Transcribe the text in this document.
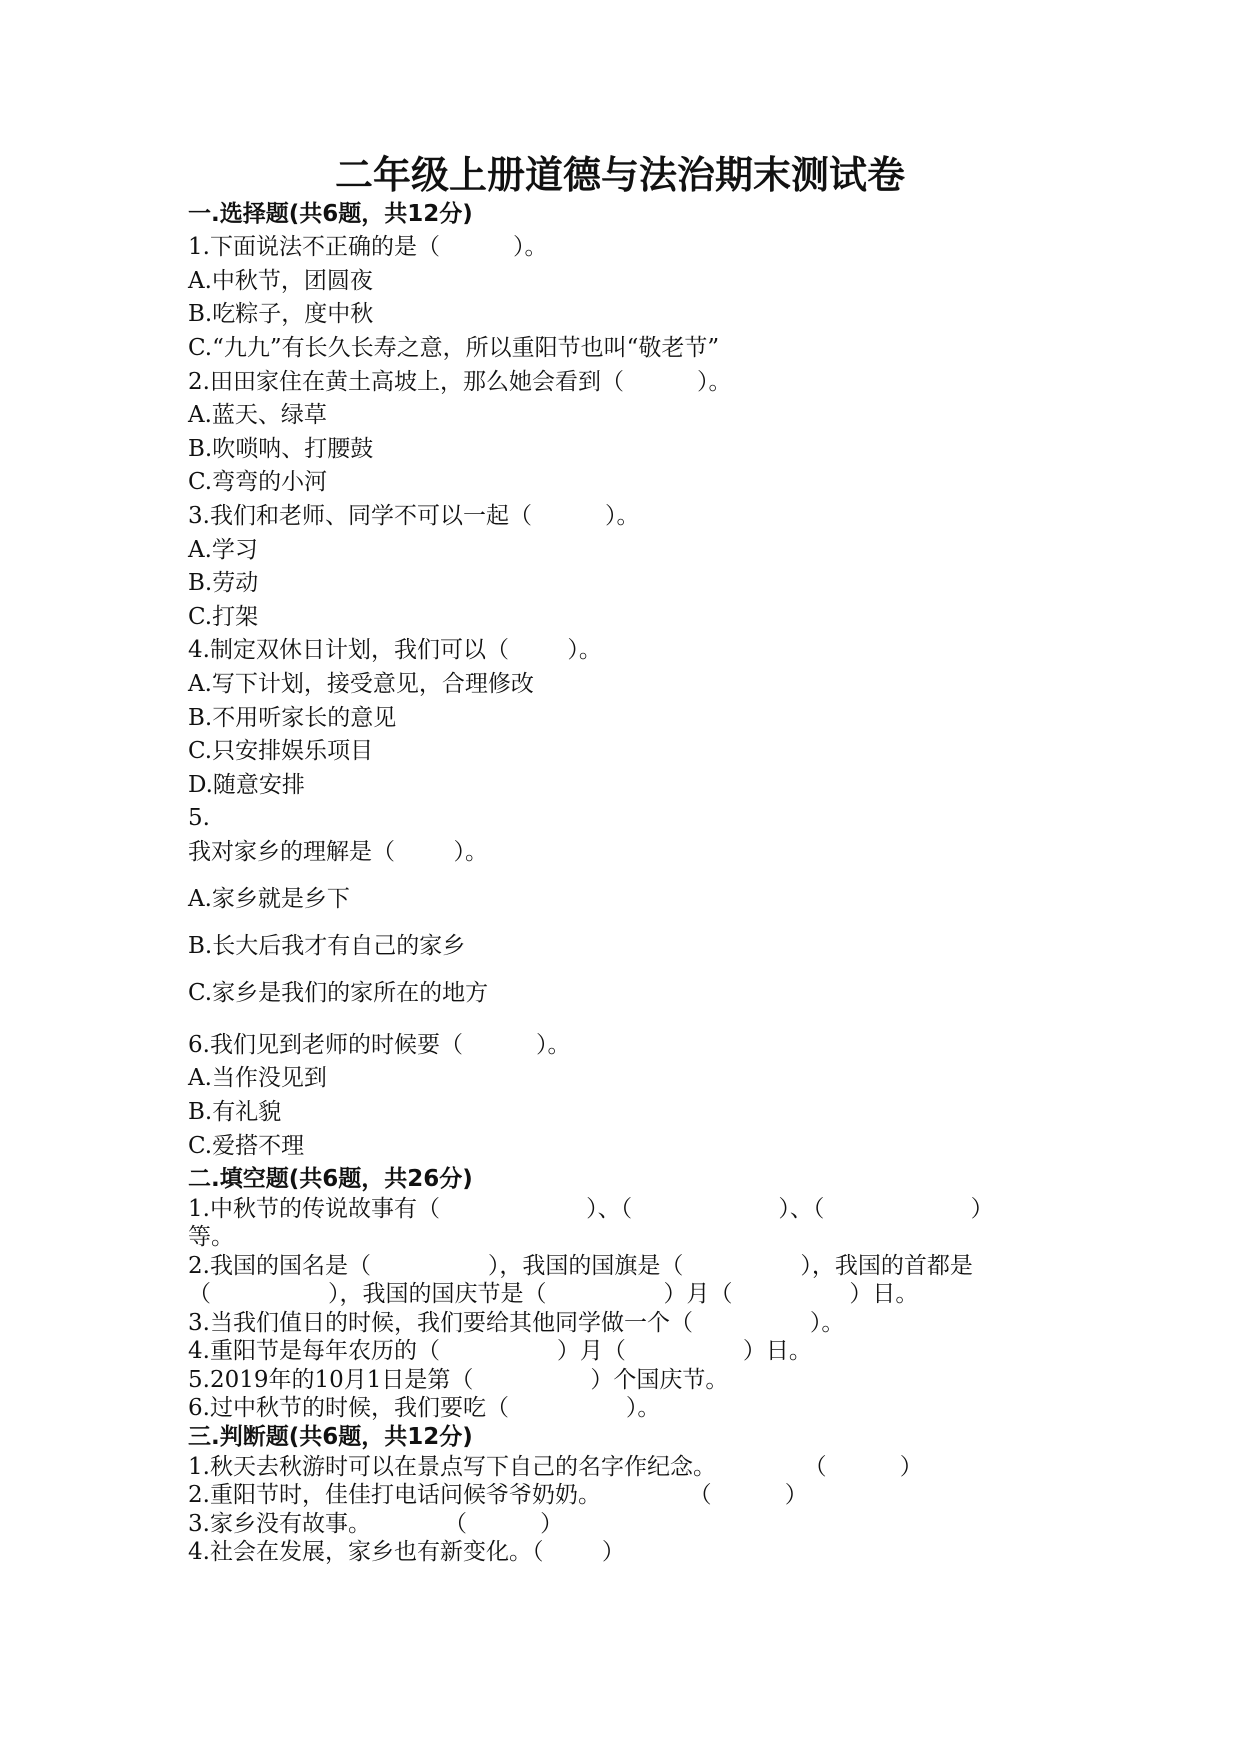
二年级上册道德与法治期末测试卷

一.选择题(共6题，共12分)

1.下面说法不正确的是（          ）。

A.中秋节，团圆夜

B.吃粽子，度中秋

C.“九九”有长久长寿之意，所以重阳节也叫“敬老节”

2.田田家住在黄土高坡上，那么她会看到（          ）。

A.蓝天、绿草

B.吹唢呐、打腰鼓

C.弯弯的小河

3.我们和老师、同学不可以一起（          ）。

A.学习

B.劳动

C.打架

4.制定双休日计划，我们可以（        ）。

A.写下计划，接受意见，合理修改

B.不用听家长的意见

C.只安排娱乐项目

D.随意安排

5.

我对家乡的理解是（        ）。

A.家乡就是乡下

B.长大后我才有自己的家乡

C.家乡是我们的家所在的地方

6.我们见到老师的时候要（          ）。

A.当作没见到

B.有礼貌

C.爱搭不理

二.填空题(共6题，共26分)

1.中秋节的传说故事有（                    ）、（                    ）、（                    ）

等。

2.我国的国名是（                ），我国的国旗是（                ），我国的首都是

（                ），我国的国庆节是（                ）月（                ）日。

3.当我们值日的时候，我们要给其他同学做一个（                ）。

4.重阳节是每年农历的（                ）月（                ）日。

5.2019年的10月1日是第（                ）个国庆节。

6.过中秋节的时候，我们要吃（                ）。

三.判断题(共6题，共12分)

1.秋天去秋游时可以在景点写下自己的名字作纪念。            （          ）

2.重阳节时，佳佳打电话问候爷爷奶奶。            （          ）

3.家乡没有故事。          （          ）

4.社会在发展，家乡也有新变化。（        ）
